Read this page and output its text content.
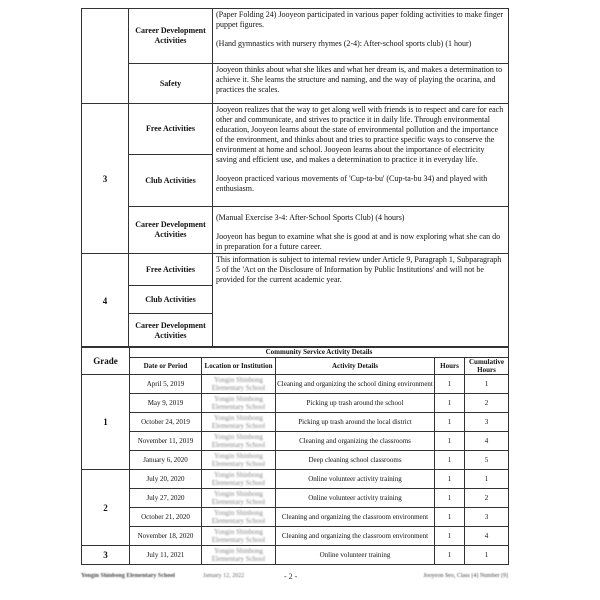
	Career Development Activities	(Paper Folding 24) Jooyeon participated in various paper folding activities to make finger puppet figures.

(Hand gymnastics with nursery rhymes (2-4): After-school sports club) (1 hour)

	Safety	Jooyeon thinks about what she likes and what her dream is, and makes a determination to achieve it. She learns the structure and naming, and the way of playing the ocarina, and practices the scales.

3	Free Activities	Jooyeon realizes that the way to get along well with friends is to respect and care for each other and communicate, and strives to practice it in daily life. Through environmental education, Jooyeon learns about the state of environmental pollution and the importance of the environment, and thinks about and tries to practice specific ways to conserve the environment at home and school. Jooyeon learns about the importance of electricity saving and efficient use, and makes a determination to practice it in everyday life.

Jooyeon practiced various movements of 'Cup-ta-bu' (Cup-ta-bu 34) and played with enthusiasm.

	Club Activities	
	Career Development Activities	(Manual Exercise 3-4: After-School Sports Club) (4 hours)

Jooyeon has begun to examine what she is good at and is now exploring what she can do in preparation for a future career.

4	Free Activities	This information is subject to internal review under Article 9, Paragraph 1, Subparagraph 5 of the 'Act on the Disclosure of Information by Public Institutions' and will not be provided for the current academic year.

	Club Activities	
	Career Development Activities	
Grade	Community Service Activity Details				
	Date or Period	Location or Institution	Activity Details	Hours	Cumulative Hours
1	April 5, 2019	Yongin Shinbong Elementary School	Cleaning and organizing the school dining environment	1	1
	May 9, 2019	Yongin Shinbong Elementary School	Picking up trash around the school	1	2
	October 24, 2019	Yongin Shinbong Elementary School	Picking up trash around the local district	1	3
	November 11, 2019	Yongin Shinbong Elementary School	Cleaning and organizing the classrooms	1	4
	January 6, 2020	Yongin Shinbong Elementary School	Deep cleaning school classrooms	1	5
2	July 20, 2020	Yongin Shinbong Elementary School	Online volunteer activity training	1	1
	July 27, 2020	Yongin Shinbong Elementary School	Online volunteer activity training	1	2
	October 21, 2020	Yongin Shinbong Elementary School	Cleaning and organizing the classroom environment	1	3
	November 18, 2020	Yongin Shinbong Elementary School	Cleaning and organizing the classroom environment	1	4
3	July 11, 2021	Yongin Shinbong Elementary School	Online volunteer training	1	1
Yongin Shinbong Elementary School	January 12, 2022	- 2 -	Jooyeon Seo, Class [4] Number [9]
